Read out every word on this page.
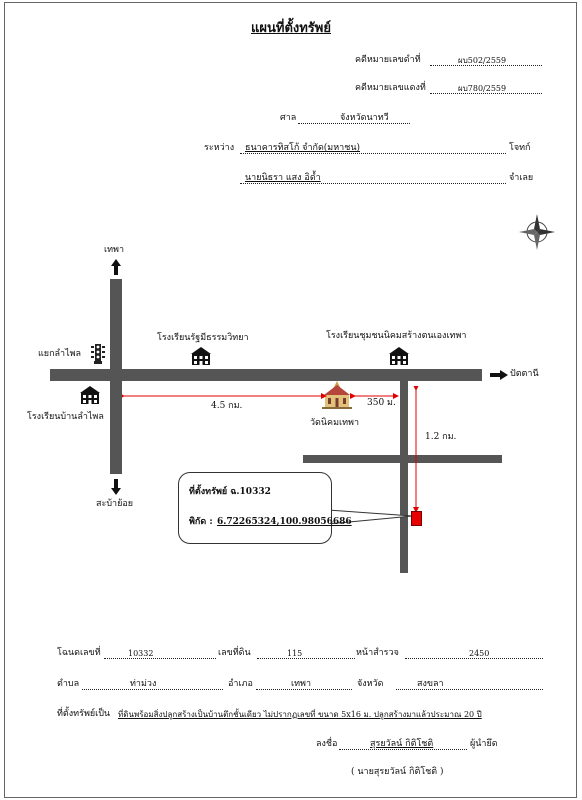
แผนที่ตั้งทรัพย์
คดีหมายเลขดำที่	ผบ502/2559
คดีหมายเลขแดงที่	ผบ780/2559
ศาล	จังหวัดนาทวี
ระหว่าง ธนาคารทิสโก้ จำกัด(มหาชน)	โจทก์
นายนิธรา แสง อิด้ำ	จำเลย
เทพา
สะบ้าย้อย
ปัตตานี
แยกลำไพล
โรงเรียนบ้านลำไพล
โรงเรียนรัฐมีธรรมวิทยา	โรงเรียนชุมชนนิคมสร้างตนเองเทพา
วัดนิคมเทพา
4.5 กม.	350 ม.
1.2 กม.
ที่ตั้งทรัพย์ ฉ.10332
พิกัด : 6.72265324,100.98056686
โฉนดเลขที่	10332	เลขที่ดิน	115	หน้าสำรวจ	2450
ตำบล	ท่าม่วง	อำเภอ	เทพา	จังหวัด	สงขลา
ที่ตั้งทรัพย์เป็น ที่ดินพร้อมสิ่งปลูกสร้างเป็นบ้านตึกชั้นเดียว ไม่ปรากฏเลขที่ ขนาด 5x16 ม. ปลูกสร้างมาแล้วประมาณ 20 ปี
ลงชื่อ	สุรยวัลน์ กิติโชติ	ผู้นำยึด
( นายสุรยวัลน์ กิติโชติ )
